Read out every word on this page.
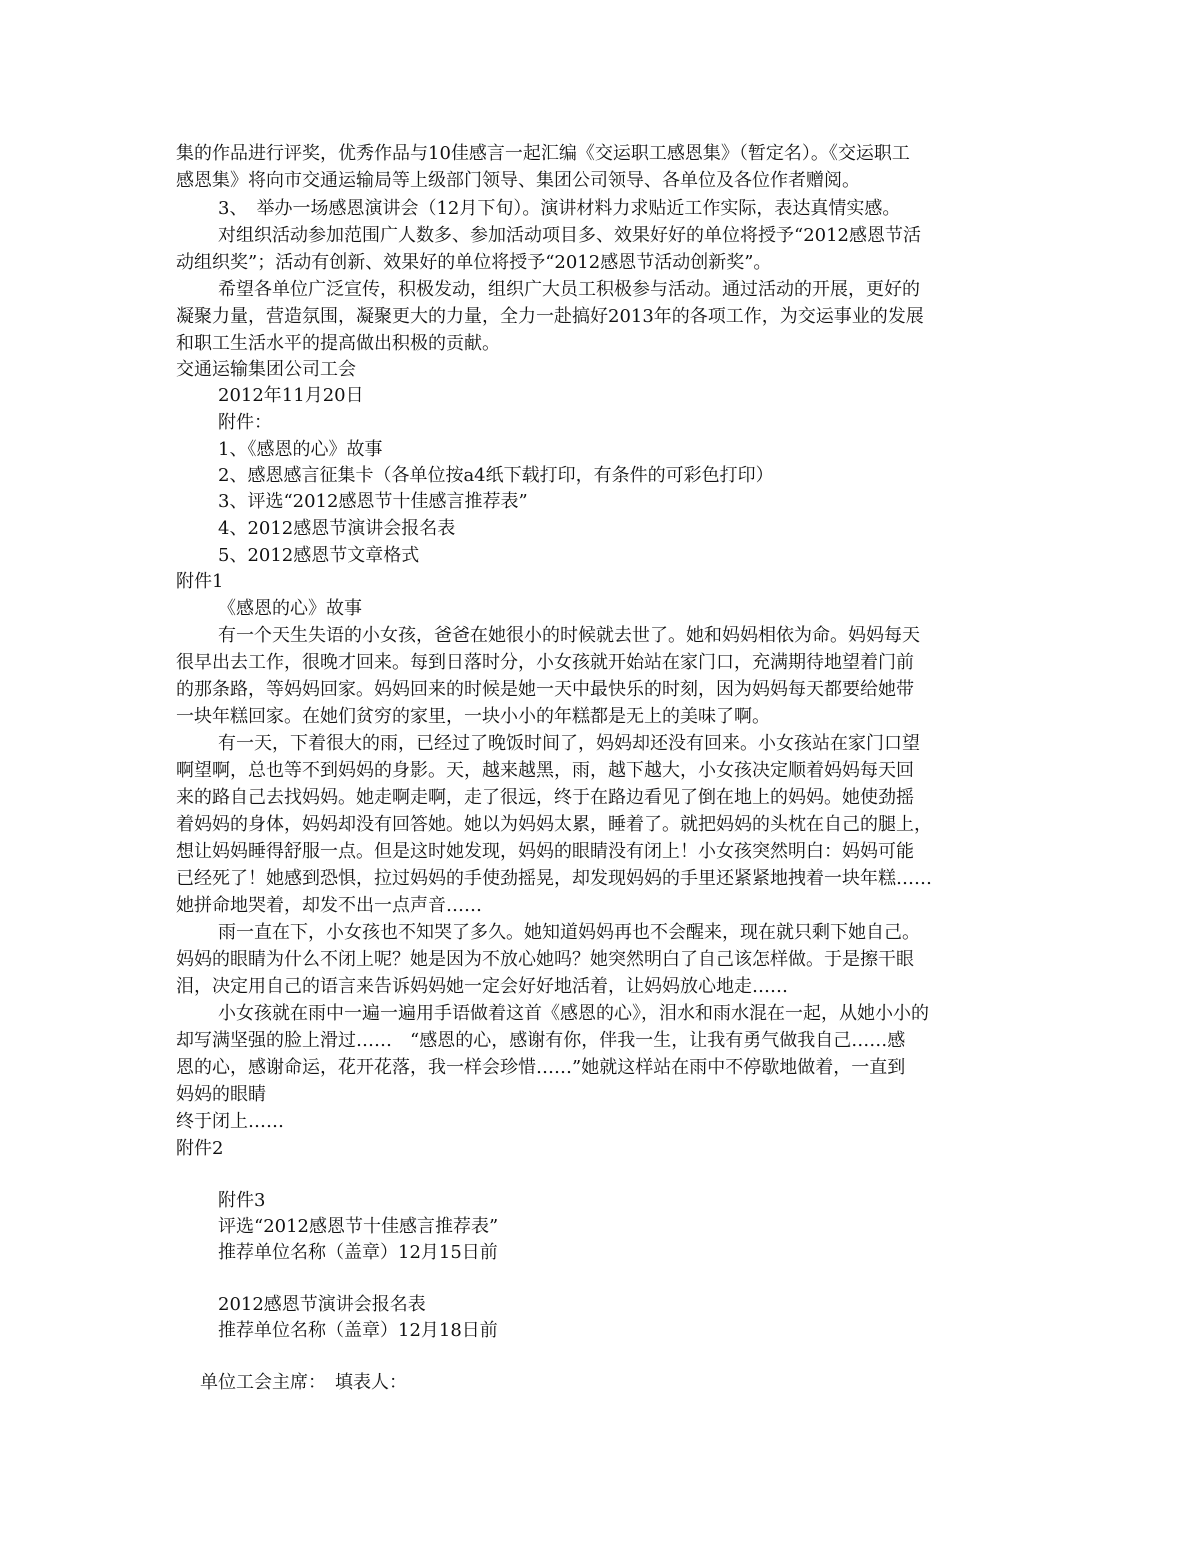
集的作品进行评奖，优秀作品与10佳感言一起汇编《交运职工感恩集》（暂定名）。《交运职工
感恩集》将向市交通运输局等上级部门领导、集团公司领导、各单位及各位作者赠阅。
3、　举办一场感恩演讲会（12月下旬）。演讲材料力求贴近工作实际，表达真情实感。
对组织活动参加范围广人数多、参加活动项目多、效果好好的单位将授予“2012感恩节活
动组织奖”；活动有创新、效果好的单位将授予“2012感恩节活动创新奖”。
希望各单位广泛宣传，积极发动，组织广大员工积极参与活动。通过活动的开展，更好的
凝聚力量，营造氛围，凝聚更大的力量，全力一赴搞好2013年的各项工作，为交运事业的发展
和职工生活水平的提高做出积极的贡献。
交通运输集团公司工会
2012年11月20日
附件：
1、《感恩的心》故事
2、感恩感言征集卡（各单位按a4纸下载打印，有条件的可彩色打印）
3、评选“2012感恩节十佳感言推荐表”
4、2012感恩节演讲会报名表
5、2012感恩节文章格式
附件1
《感恩的心》故事
有一个天生失语的小女孩，爸爸在她很小的时候就去世了。她和妈妈相依为命。妈妈每天
很早出去工作，很晚才回来。每到日落时分，小女孩就开始站在家门口，充满期待地望着门前
的那条路，等妈妈回家。妈妈回来的时候是她一天中最快乐的时刻，因为妈妈每天都要给她带
一块年糕回家。在她们贫穷的家里，一块小小的年糕都是无上的美味了啊。
有一天，下着很大的雨，已经过了晚饭时间了，妈妈却还没有回来。小女孩站在家门口望
啊望啊，总也等不到妈妈的身影。天，越来越黑，雨，越下越大，小女孩决定顺着妈妈每天回
来的路自己去找妈妈。她走啊走啊，走了很远，终于在路边看见了倒在地上的妈妈。她使劲摇
着妈妈的身体，妈妈却没有回答她。她以为妈妈太累，睡着了。就把妈妈的头枕在自己的腿上，
想让妈妈睡得舒服一点。但是这时她发现，妈妈的眼睛没有闭上！小女孩突然明白：妈妈可能
已经死了！她感到恐惧，拉过妈妈的手使劲摇晃，却发现妈妈的手里还紧紧地拽着一块年糕……
她拼命地哭着，却发不出一点声音……
雨一直在下，小女孩也不知哭了多久。她知道妈妈再也不会醒来，现在就只剩下她自己。
妈妈的眼睛为什么不闭上呢？她是因为不放心她吗？她突然明白了自己该怎样做。于是擦干眼
泪，决定用自己的语言来告诉妈妈她一定会好好地活着，让妈妈放心地走……
小女孩就在雨中一遍一遍用手语做着这首《感恩的心》，泪水和雨水混在一起，从她小小的
却写满坚强的脸上滑过……　“感恩的心，感谢有你，伴我一生，让我有勇气做我自己……感
恩的心，感谢命运，花开花落，我一样会珍惜……”她就这样站在雨中不停歇地做着，一直到
妈妈的眼睛
终于闭上……
附件2
附件3
评选“2012感恩节十佳感言推荐表”
推荐单位名称（盖章）12月15日前
2012感恩节演讲会报名表
推荐单位名称（盖章）12月18日前
单位工会主席：　填表人：
